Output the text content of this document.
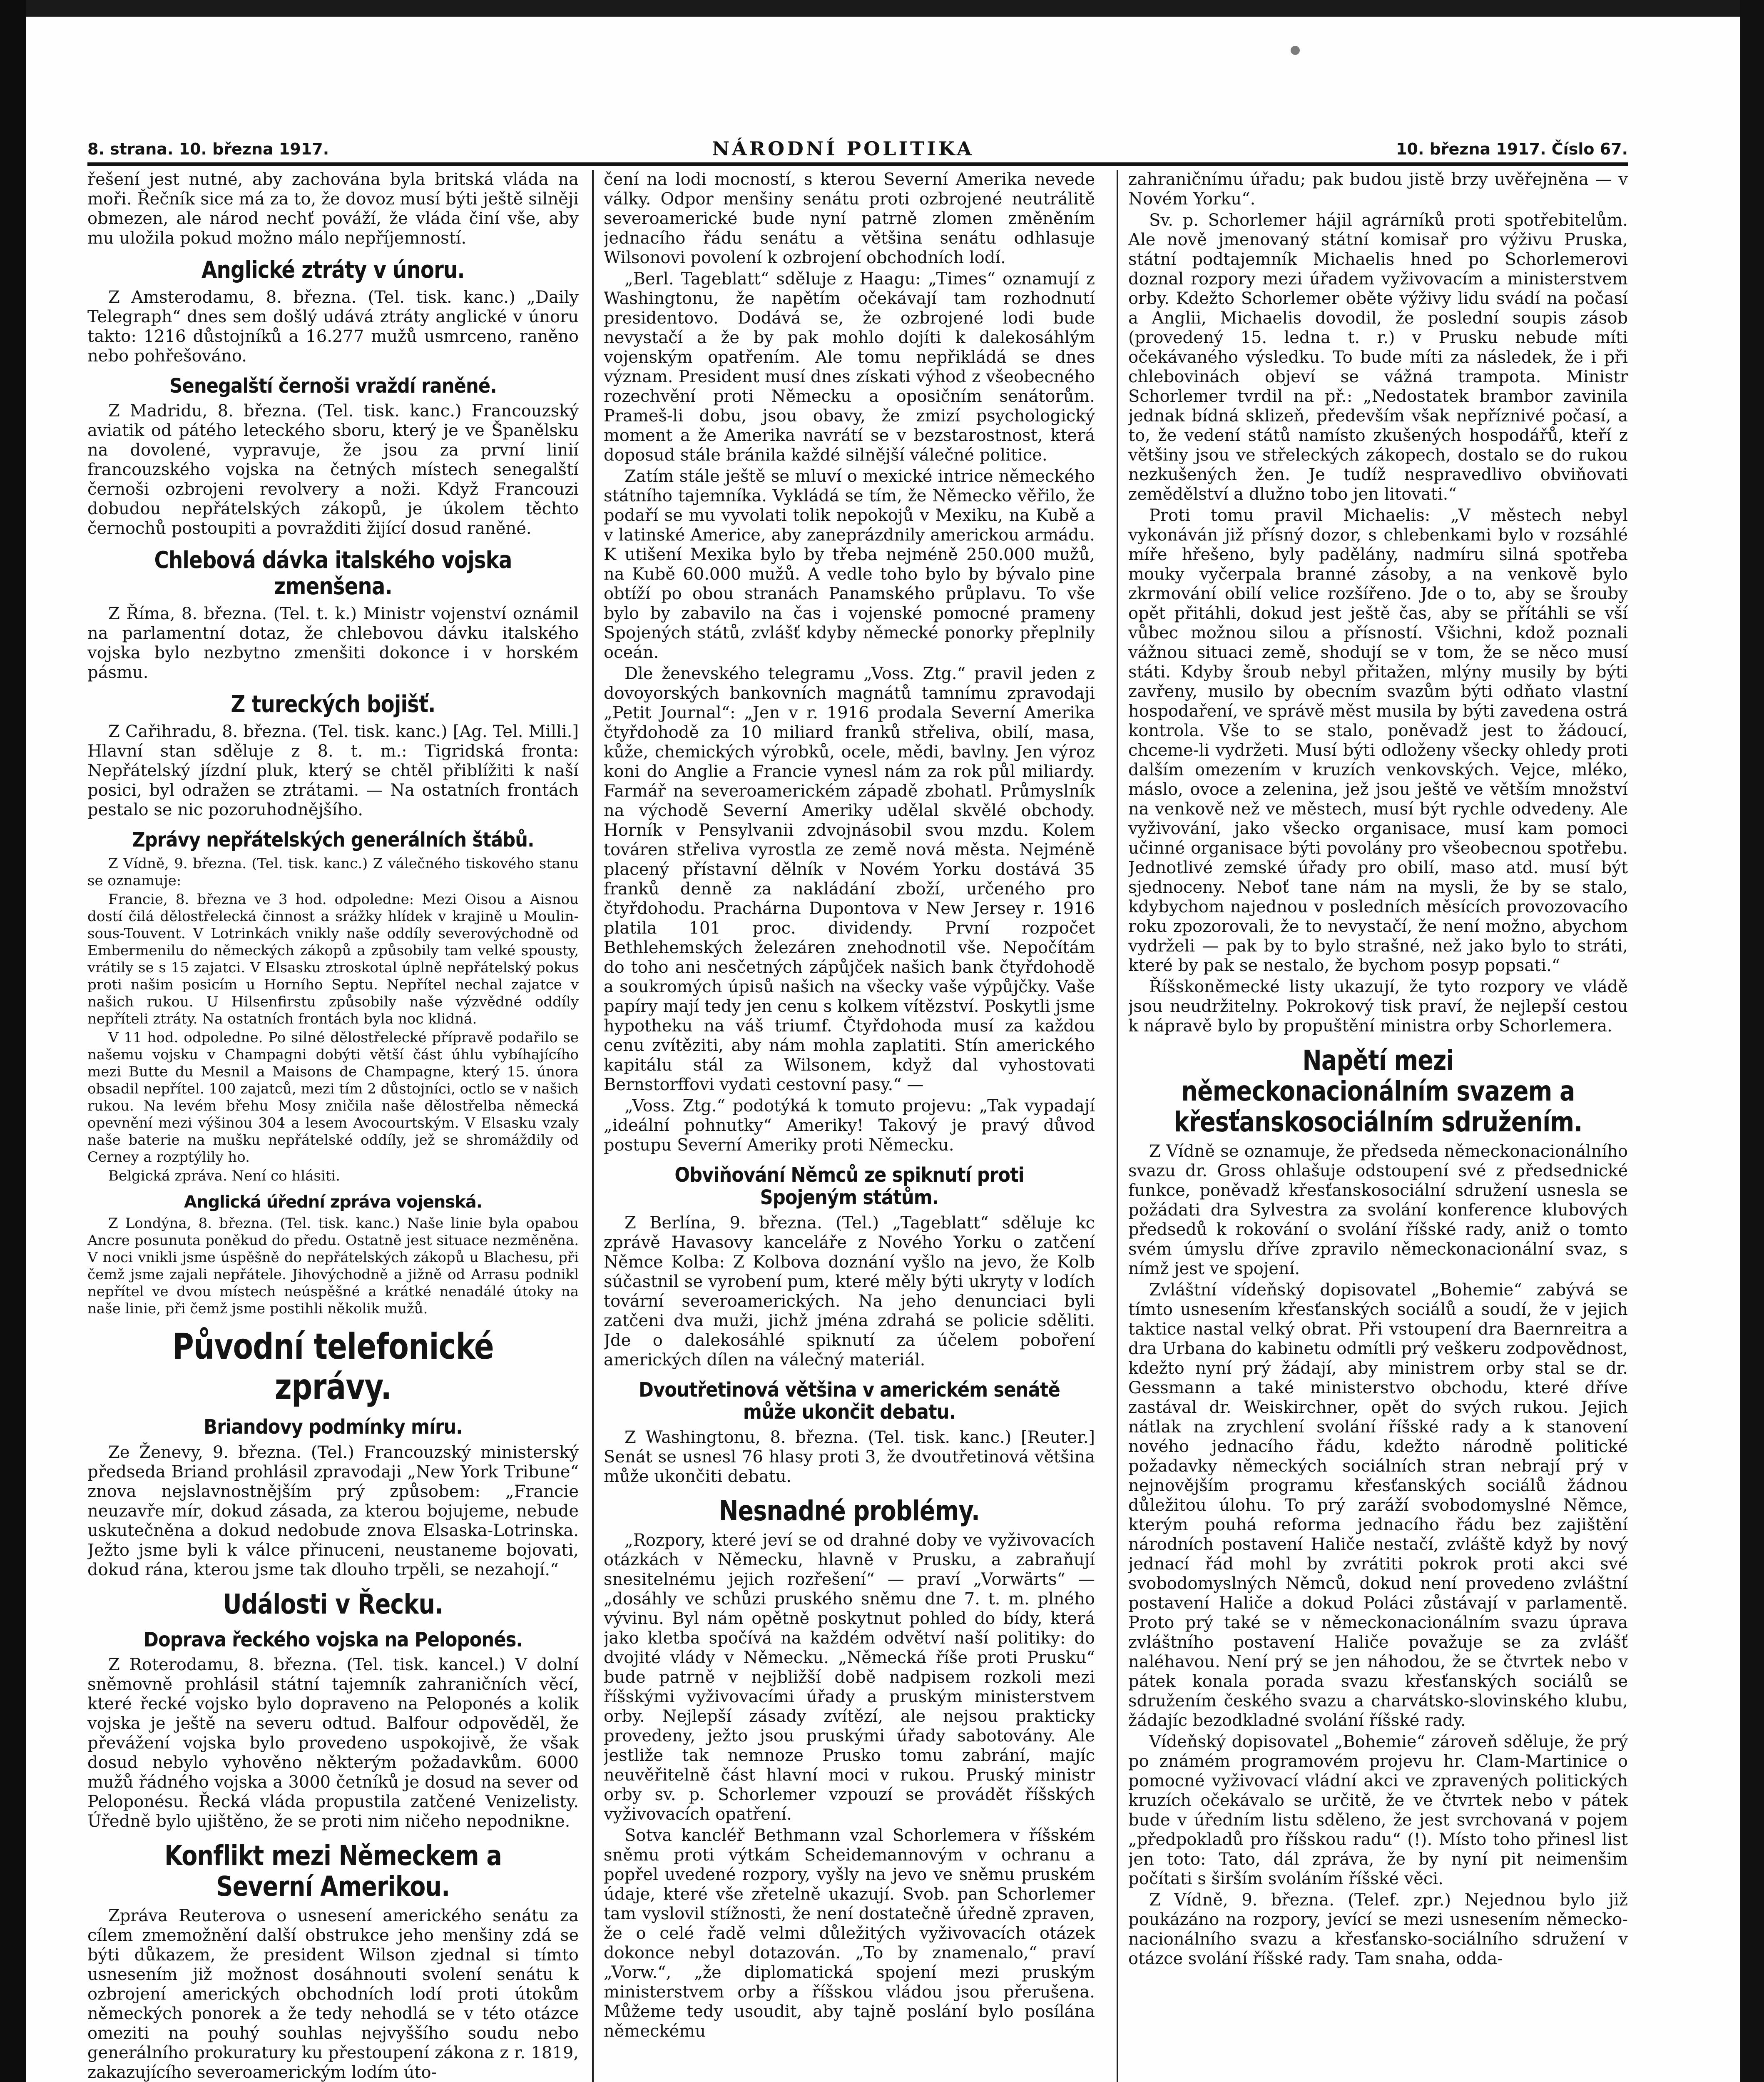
8. strana. 10. března 1917.	NÁRODNÍ POLITIKA	10. března 1917. Číslo 67.

řešení jest nutné, aby zachována byla britská vláda na moři. Řečník sice má za to, že dovoz musí býti ještě silněji obmezen, ale národ nechť pováží, že vláda činí vše, aby mu uložila pokud možno málo nepříjemností.

Anglické ztráty v únoru.

Z Amsterodamu, 8. března. (Tel. tisk. kanc.) „Daily Telegraph“ dnes sem došlý udává ztráty anglické v únoru takto: 1216 důstojníků a 16.277 mužů usmrceno, raněno nebo pohřešováno.

Senegalští černoši vraždí raněné.

Z Madridu, 8. března. (Tel. tisk. kanc.) Francouzský aviatik od pátého leteckého sboru, který je ve Španělsku na dovolené, vypravuje, že jsou za první linií francouzského vojska na četných místech senegalští černoši ozbrojeni revolvery a noži. Když Francouzi dobudou nepřátelských zákopů, je úkolem těchto černochů postoupiti a povražditi žijící dosud raněné.

Chlebová dávka italského vojska zmenšena.

Z Říma, 8. března. (Tel. t. k.) Ministr vojenství oznámil na parlamentní dotaz, že chlebovou dávku italského vojska bylo nezbytno zmenšiti dokonce i v horském pásmu.

Z tureckých bojišť.

Z Cařihradu, 8. března. (Tel. tisk. kanc.) [Ag. Tel. Milli.] Hlavní stan sděluje z 8. t. m.: Tigridská fronta: Nepřátelský jízdní pluk, který se chtěl přiblížiti k naší posici, byl odražen se ztrátami. — Na ostatních frontách pestalo se nic pozoruhodnějšího.

Zprávy nepřátelských generálních štábů.

Z Vídně, 9. března. (Tel. tisk. kanc.) Z válečného tiskového stanu se oznamuje:

Francie, 8. března ve 3 hod. odpoledne: Mezi Oisou a Aisnou dostí čilá dělostřelecká činnost a srážky hlídek v krajině u Moulin-sous-Touvent. V Lotrinkách vnikly naše oddíly severovýchodně od Embermenilu do německých zákopů a způsobily tam velké spousty, vrátily se s 15 zajatci. V Elsasku ztroskotal úplně nepřátelský pokus proti našim posicím u Horního Septu. Nepřítel nechal zajatce v našich rukou. U Hilsenfirstu způsobily naše výzvědné oddíly nepříteli ztráty. Na ostatních frontách byla noc klidná.

V 11 hod. odpoledne. Po silné dělostřelecké přípravě podařilo se našemu vojsku v Champagni dobýti větší část úhlu vybíhajícího mezi Butte du Mesnil a Maisons de Champagne, který 15. února obsadil nepřítel. 100 zajatců, mezi tím 2 důstojníci, octlo se v našich rukou. Na levém břehu Mosy zničila naše dělostřelba německá opevnění mezi výšinou 304 a lesem Avocourtským. V Elsasku vzaly naše baterie na mušku nepřátelské oddíly, jež se shromáždily od Cerney a rozptýlily ho.

Belgická zpráva. Není co hlásiti.

Anglická úřední zpráva vojenská.

Z Londýna, 8. března. (Tel. tisk. kanc.) Naše linie byla opabou Ancre posunuta poněkud do předu. Ostatně jest situace nezměněna. V noci vnikli jsme úspěšně do nepřátelských zákopů u Blachesu, při čemž jsme zajali nepřátele. Jihovýchodně a jižně od Arrasu podnikl nepřítel ve dvou místech neúspěšné a krátké nenadálé útoky na naše linie, při čemž jsme postihli několik mužů.

Původní telefonické zprávy.
Briandovy podmínky míru.

Ze Ženevy, 9. března. (Tel.) Francouzský ministerský předseda Briand prohlásil zpravodaji „New York Tribune“ znova nejslavnostnějším prý způsobem: „Francie neuzavře mír, dokud zásada, za kterou bojujeme, nebude uskutečněna a dokud nedobude znova Elsaska-Lotrinska. Ježto jsme byli k válce přinuceni, neustaneme bojovati, dokud rána, kterou jsme tak dlouho trpěli, se nezahojí.“

Události v Řecku.
Doprava řeckého vojska na Peloponés.

Z Roterodamu, 8. března. (Tel. tisk. kancel.) V dolní sněmovně prohlásil státní tajemník zahraničních věcí, které řecké vojsko bylo dopraveno na Peloponés a kolik vojska je ještě na severu odtud. Balfour odpověděl, že převážení vojska bylo provedeno uspokojivě, že však dosud nebylo vyhověno některým požadavkům. 6000 mužů řádného vojska a 3000 četníků je dosud na sever od Peloponésu. Řecká vláda propustila zatčené Venizelisty. Úředně bylo ujištěno, že se proti nim ničeho nepodnikne.

Konflikt mezi Německem a Severní Amerikou.

Zpráva Reuterova o usnesení amerického senátu za cílem zmemožnění další obstrukce jeho menšiny zdá se býti důkazem, že president Wilson zjednal si tímto usnesením již možnost dosáhnouti svolení senátu k ozbrojení amerických obchodních lodí proti útokům německých ponorek a že tedy nehodlá se v této otázce omeziti na pouhý souhlas nejvyššího soudu nebo generálního prokuratury ku přestoupení zákona z r. 1819, zakazujícího severoamerickým lodím úto-

čení na lodi mocností, s kterou Severní Amerika nevede války. Odpor menšiny senátu proti ozbrojené neutrálitě severoamerické bude nyní patrně zlomen změněním jednacího řádu senátu a většina senátu odhlasuje Wilsonovi povolení k ozbrojení obchodních lodí.

„Berl. Tageblatt“ sděluje z Haagu: „Times“ oznamují z Washingtonu, že napětím očekávají tam rozhodnutí presidentovo. Dodává se, že ozbrojené lodi bude nevystačí a že by pak mohlo dojíti k dalekosáhlým vojenským opatřením. Ale tomu nepřikládá se dnes význam. President musí dnes získati výhod z všeobecného rozechvění proti Německu a oposičním senátorům. Prameš-li dobu, jsou obavy, že zmizí psychologický moment a že Amerika navrátí se v bezstarostnost, která doposud stále bránila každé silnější válečné politice.

Zatím stále ještě se mluví o mexické intrice německého státního tajemníka. Vykládá se tím, že Německo věřilo, že podaří se mu vyvolati tolik nepokojů v Mexiku, na Kubě a v latinské Americe, aby zaneprázdnily americkou armádu. K utišení Mexika bylo by třeba nejméně 250.000 mužů, na Kubě 60.000 mužů. A vedle toho bylo by bývalo pine obtíží po obou stranách Panamského průplavu. To vše bylo by zabavilo na čas i vojenské pomocné prameny Spojených států, zvlášť kdyby německé ponorky přeplnily oceán.

Dle ženevského telegramu „Voss. Ztg.“ pravil jeden z dovoyorských bankovních magnátů tamnímu zpravodaji „Petit Journal“: „Jen v r. 1916 prodala Severní Amerika čtyřdohodě za 10 miliard franků střeliva, obilí, masa, kůže, chemických výrobků, ocele, mědi, bavlny. Jen výroz koni do Anglie a Francie vynesl nám za rok půl miliardy. Farmář na severoamerickém západě zbohatl. Průmyslník na východě Severní Ameriky udělal skvělé obchody. Horník v Pensylvanii zdvojnásobil svou mzdu. Kolem továren střeliva vyrostla ze země nová města. Nejméně placený přístavní dělník v Novém Yorku dostává 35 franků denně za nakládání zboží, určeného pro čtyřdohodu. Prachárna Dupontova v New Jersey r. 1916 platila 101 proc. dividendy. První rozpočet Bethlehemských železáren znehodnotil vše. Nepočítám do toho ani nesčetných zápůjček našich bank čtyřdohodě a soukromých úpisů našich na všecky vaše výpůjčky. Vaše papíry mají tedy jen cenu s kolkem vítězství. Poskytli jsme hypotheku na váš triumf. Čtyřdohoda musí za každou cenu zvítěziti, aby nám mohla zaplatiti. Stín amerického kapitálu stál za Wilsonem, když dal vyhostovati Bernstorffovi vydati cestovní pasy.“ —

„Voss. Ztg.“ podotýká k tomuto projevu: „Tak vypadají „ideální pohnutky“ Ameriky! Takový je pravý důvod postupu Severní Ameriky proti Německu.

Obviňování Němců ze spiknutí proti Spojeným státům.

Z Berlína, 9. března. (Tel.) „Tageblatt“ sděluje kc zprávě Havasovy kanceláře z Nového Yorku o zatčení Němce Kolba: Z Kolbova doznání vyšlo na jevo, že Kolb súčastnil se vyrobení pum, které měly býti ukryty v lodích tovární severoamerických. Na jeho denunciaci byli zatčeni dva muži, jichž jména zdrahá se policie sděliti. Jde o dalekosáhlé spiknutí za účelem poboření amerických dílen na válečný materiál.

Dvoutřetinová většina v americkém senátě může ukončit debatu.

Z Washingtonu, 8. března. (Tel. tisk. kanc.) [Reuter.] Senát se usnesl 76 hlasy proti 3, že dvoutřetinová většina může ukončiti debatu.

Nesnadné problémy.

„Rozpory, které jeví se od drahné doby ve vyživovacích otázkách v Německu, hlavně v Prusku, a zabraňují snesitelnému jejich rozřešení“ — praví „Vorwärts“ — „dosáhly ve schůzi pruského sněmu dne 7. t. m. plného vývinu. Byl nám opětně poskytnut pohled do bídy, která jako kletba spočívá na každém odvětví naší politiky: do dvojité vlády v Německu. „Německá říše proti Prusku“ bude patrně v nejbližší době nadpisem rozkoli mezi říšskými vyživovacími úřady a pruským ministerstvem orby. Nejlepší zásady zvítězí, ale nejsou prakticky provedeny, ježto jsou pruskými úřady sabotovány. Ale jestliže tak nemnoze Prusko tomu zabrání, majíc neuvěřitelně část hlavní moci v rukou. Pruský ministr orby sv. p. Schorlemer vzpouzí se provádět říšských vyživovacích opatření.

Sotva kancléř Bethmann vzal Schorlemera v říšském sněmu proti výtkám Scheidemannovým v ochranu a popřel uvedené rozpory, vyšly na jevo ve sněmu pruském údaje, které vše zřetelně ukazují. Svob. pan Schorlemer tam vyslovil stížnosti, že není dostatečně úředně zpraven, že o celé řadě velmi důležitých vyživovacích otázek dokonce nebyl dotazován. „To by znamenalo,“ praví „Vorw.“, „že diplomatická spojení mezi pruským ministerstvem orby a říšskou vládou jsou přerušena. Můžeme tedy usoudit, aby tajně poslání bylo posílána německému

zahraničnímu úřadu; pak budou jistě brzy uvěřejněna — v Novém Yorku“.

Sv. p. Schorlemer hájil agrárníků proti spotřebitelům. Ale nově jmenovaný státní komisař pro výživu Pruska, státní podtajemník Michaelis hned po Schorlemerovi doznal rozpory mezi úřadem vyživovacím a ministerstvem orby. Kdežto Schorlemer oběte výživy lidu svádí na počasí a Anglii, Michaelis dovodil, že poslední soupis zásob (provedený 15. ledna t. r.) v Prusku nebude míti očekávaného výsledku. To bude míti za následek, že i při chlebovinách objeví se vážná trampota. Ministr Schorlemer tvrdil na př.: „Nedostatek brambor zavinila jednak bídná sklizeň, především však nepříznivé počasí, a to, že vedení států namísto zkušených hospodářů, kteří z většiny jsou ve střeleckých zákopech, dostalo se do rukou nezkušených žen. Je tudíž nespravedlivo obviňovati zemědělství a dlužno tobo jen litovati.“

Proti tomu pravil Michaelis: „V městech nebyl vykonáván již přísný dozor, s chlebenkami bylo v rozsáhlé míře hřešeno, byly padělány, nadmíru silná spotřeba mouky vyčerpala branné zásoby, a na venkově bylo zkrmování obilí velice rozšířeno. Jde o to, aby se šrouby opět přitáhli, dokud jest ještě čas, aby se přítáhli se vší vůbec možnou silou a přísností. Všichni, kdož poznali vážnou situaci země, shodují se v tom, že se něco musí státi. Kdyby šroub nebyl přitažen, mlýny musily by býti zavřeny, musilo by obecním svazům býti odňato vlastní hospodaření, ve správě měst musila by býti zavedena ostrá kontrola. Vše to se stalo, poněvadž jest to žádoucí, chceme-li vydržeti. Musí býti odloženy všecky ohledy proti dalším omezením v kruzích venkovských. Vejce, mléko, máslo, ovoce a zelenina, jež jsou ještě ve větším množství na venkově než ve městech, musí být rychle odvedeny. Ale vyživování, jako všecko organisace, musí kam pomoci učinné organisace býti povolány pro všeobecnou spotřebu. Jednotlivé zemské úřady pro obilí, maso atd. musí být sjednoceny. Neboť tane nám na mysli, že by se stalo, kdybychom najednou v posledních měsících provozovacího roku zpozorovali, že to nevystačí, že není možno, abychom vydrželi — pak by to bylo strašné, než jako bylo to stráti, které by pak se nestalo, že bychom posyp popsati.“

Říšskoněmecké listy ukazují, že tyto rozpory ve vládě jsou neudržitelny. Pokrokový tisk praví, že nejlepší cestou k nápravě bylo by propuštění ministra orby Schorlemera.

Napětí mezi německonacionálním svazem a křesťanskosociálním sdružením.

Z Vídně se oznamuje, že předseda německonacionálního svazu dr. Gross ohlašuje odstoupení své z předsednické funkce, poněvadž křesťanskosociální sdružení usnesla se požádati dra Sylvestra za svolání konference klubových předsedů k rokování o svolání říšské rady, aniž o tomto svém úmyslu dříve zpravilo německonacionální svaz, s nímž jest ve spojení.

Zvláštní vídeňský dopisovatel „Bohemie“ zabývá se tímto usnesením křesťanských sociálů a soudí, že v jejich taktice nastal velký obrat. Při vstoupení dra Baernreitra a dra Urbana do kabinetu odmítli prý veškeru zodpovědnost, kdežto nyní prý žádají, aby ministrem orby stal se dr. Gessmann a také ministerstvo obchodu, které dříve zastával dr. Weiskirchner, opět do svých rukou. Jejich nátlak na zrychlení svolání říšské rady a k stanovení nového jednacího řádu, kdežto národně politické požadavky německých sociálních stran nebrají prý v nejnovějším programu křesťanských sociálů žádnou důležitou úlohu. To prý zaráží svobodomyslné Němce, kterým pouhá reforma jednacího řádu bez zajištění národních postavení Haliče nestačí, zvláště když by nový jednací řád mohl by zvrátiti pokrok proti akci své svobodomyslných Němců, dokud není provedeno zvláštní postavení Haliče a dokud Poláci zůstávají v parlamentě. Proto prý také se v německonacionálním svazu úprava zvláštního postavení Haliče považuje se za zvlášť naléhavou. Není prý se jen náhodou, že se čtvrtek nebo v pátek konala porada svazu křesťanských sociálů se sdružením českého svazu a charvátsko-slovinského klubu, žádajíc bezodkladné svolání říšské rady.

Vídeňský dopisovatel „Bohemie“ zároveň sděluje, že prý po známém programovém projevu hr. Clam-Martinice o pomocné vyživovací vládní akci ve zpravených politických kruzích očekávalo se určitě, že ve čtvrtek nebo v pátek bude v úředním listu sděleno, že jest svrchovaná v pojem „předpokladů pro říšskou radu“ (!). Místo toho přinesl list jen toto: Tato, dál zpráva, že by nyní pit neimenšim počítati s širším svoláním říšské věci.

Z Vídně, 9. března. (Telef. zpr.) Nejednou bylo již poukázáno na rozpory, jevící se mezi usnesením německo-nacionálního svazu a křesťansko-sociálního sdružení v otázce svolání říšské rady. Tam snaha, odda-
